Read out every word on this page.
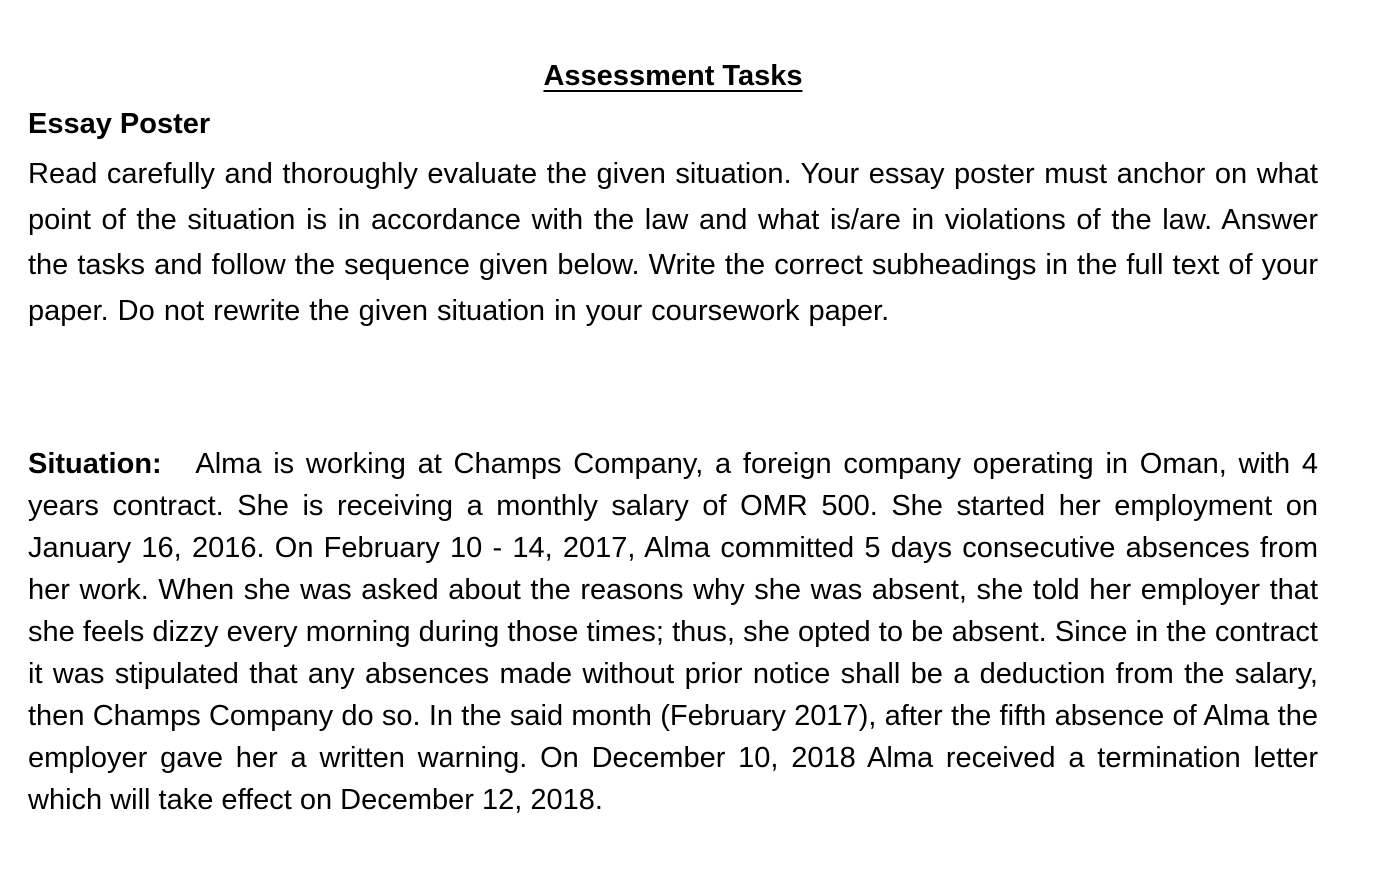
Assessment Tasks
Essay Poster

Read carefully and thoroughly evaluate the given situation. Your essay poster must anchor on what point of the situation is in accordance with the law and what is/are in violations of the law. Answer the tasks and follow the sequence given below. Write the correct subheadings in the full text of your paper. Do not rewrite the given situation in your coursework paper.

Situation: Alma is working at Champs Company, a foreign company operating in Oman, with 4 years contract. She is receiving a monthly salary of OMR 500. She started her employment on January 16, 2016. On February 10 - 14, 2017, Alma committed 5 days consecutive absences from her work. When she was asked about the reasons why she was absent, she told her employer that she feels dizzy every morning during those times; thus, she opted to be absent. Since in the contract it was stipulated that any absences made without prior notice shall be a deduction from the salary, then Champs Company do so. In the said month (February 2017), after the fifth absence of Alma the employer gave her a written warning. On December 10, 2018 Alma received a termination letter which will take effect on December 12, 2018.
